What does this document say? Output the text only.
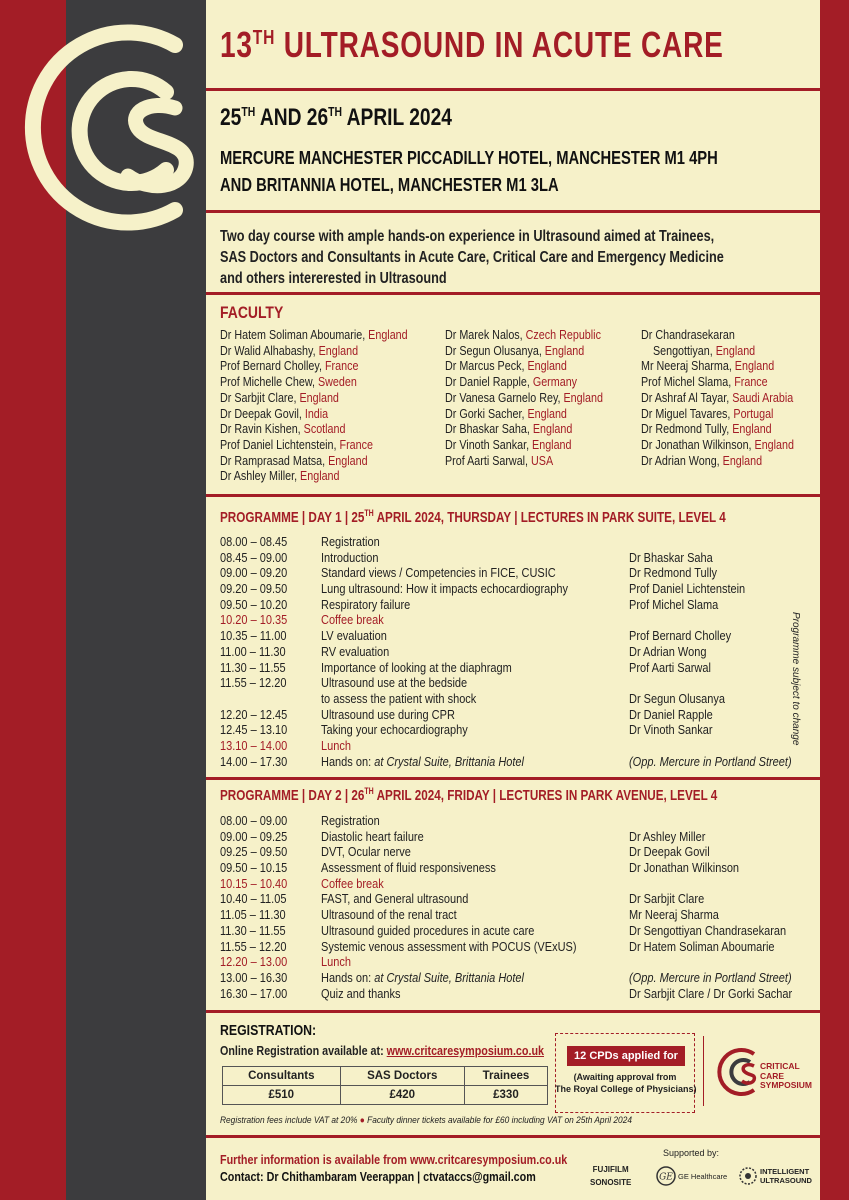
13TH ULTRASOUND IN ACUTE CARE
25TH AND 26TH APRIL 2024
MERCURE MANCHESTER PICCADILLY HOTEL, MANCHESTER M1 4PH
AND BRITANNIA HOTEL, MANCHESTER M1 3LA
Two day course with ample hands-on experience in Ultrasound aimed at Trainees,
SAS Doctors and Consultants in Acute Care, Critical Care and Emergency Medicine
and others intererested in Ultrasound
FACULTY
Dr Hatem Soliman Aboumarie, England
Dr Walid Alhabashy, England
Prof Bernard Cholley, France
Prof Michelle Chew, Sweden
Dr Sarbjit Clare, England
Dr Deepak Govil, India
Dr Ravin Kishen, Scotland
Prof Daniel Lichtenstein, France
Dr Ramprasad Matsa, England
Dr Ashley Miller, England
Dr Marek Nalos, Czech Republic
Dr Segun Olusanya, England
Dr Marcus Peck, England
Dr Daniel Rapple, Germany
Dr Vanesa Garnelo Rey, England
Dr Gorki Sacher, England
Dr Bhaskar Saha, England
Dr Vinoth Sankar, England
Prof Aarti Sarwal, USA
Dr Chandrasekaran
Sengottiyan, England
Mr Neeraj Sharma, England
Prof Michel Slama, France
Dr Ashraf Al Tayar, Saudi Arabia
Dr Miguel Tavares, Portugal
Dr Redmond Tully, England
Dr Jonathan Wilkinson, England
Dr Adrian Wong, England
PROGRAMME | DAY 1 | 25TH APRIL 2024, THURSDAY | LECTURES IN PARK SUITE, LEVEL 4
08.00 – 08.45	Registration
08.45 – 09.00	Introduction	Dr Bhaskar Saha
09.00 – 09.20	Standard views / Competencies in FICE, CUSIC	Dr Redmond Tully
09.20 – 09.50	Lung ultrasound: How it impacts echocardiography	Prof Daniel Lichtenstein
09.50 – 10.20	Respiratory failure	Prof Michel Slama
10.20 – 10.35	Coffee break
10.35 – 11.00	LV evaluation	Prof Bernard Cholley
11.00 – 11.30	RV evaluation	Dr Adrian Wong
11.30 – 11.55	Importance of looking at the diaphragm	Prof Aarti Sarwal
11.55 – 12.20	Ultrasound use at the bedside
to assess the patient with shock	Dr Segun Olusanya
12.20 – 12.45	Ultrasound use during CPR	Dr Daniel Rapple
12.45 – 13.10	Taking your echocardiography	Dr Vinoth Sankar
13.10 – 14.00	Lunch
14.00 – 17.30	Hands on: at Crystal Suite, Brittania Hotel	(Opp. Mercure in Portland Street)
PROGRAMME | DAY 2 | 26TH APRIL 2024, FRIDAY | LECTURES IN PARK AVENUE, LEVEL 4
08.00 – 09.00	Registration
09.00 – 09.25	Diastolic heart failure	Dr Ashley Miller
09.25 – 09.50	DVT, Ocular nerve	Dr Deepak Govil
09.50 – 10.15	Assessment of fluid responsiveness	Dr Jonathan Wilkinson
10.15 – 10.40	Coffee break
10.40 – 11.05	FAST, and General ultrasound	Dr Sarbjit Clare
11.05 – 11.30	Ultrasound of the renal tract	Mr Neeraj Sharma
11.30 – 11.55	Ultrasound guided procedures in acute care	Dr Sengottiyan Chandrasekaran
11.55 – 12.20	Systemic venous assessment with POCUS (VExUS)	Dr Hatem Soliman Aboumarie
12.20 – 13.00	Lunch
13.00 – 16.30	Hands on: at Crystal Suite, Brittania Hotel	(Opp. Mercure in Portland Street)
16.30 – 17.00	Quiz and thanks	Dr Sarbjit Clare / Dr Gorki Sachar
Programme subject to change
REGISTRATION:
Online Registration available at: www.critcaresymposium.co.uk
Consultants	SAS Doctors	Trainees
£510	£420	£330
12 CPDs applied for
(Awaiting approval from
The Royal College of Physicians)
CRITICAL
CARE
SYMPOSIUM
Registration fees include VAT at 20% ● Faculty dinner tickets available for £60 including VAT on 25th April 2024
Further information is available from www.critcaresymposium.co.uk
Contact: Dr Chithambaram Veerappan | ctvataccs@gmail.com
Supported by:
FUJIFILM
SONOSITE	GE GE Healthcare
INTELLIGENT
ULTRASOUND
